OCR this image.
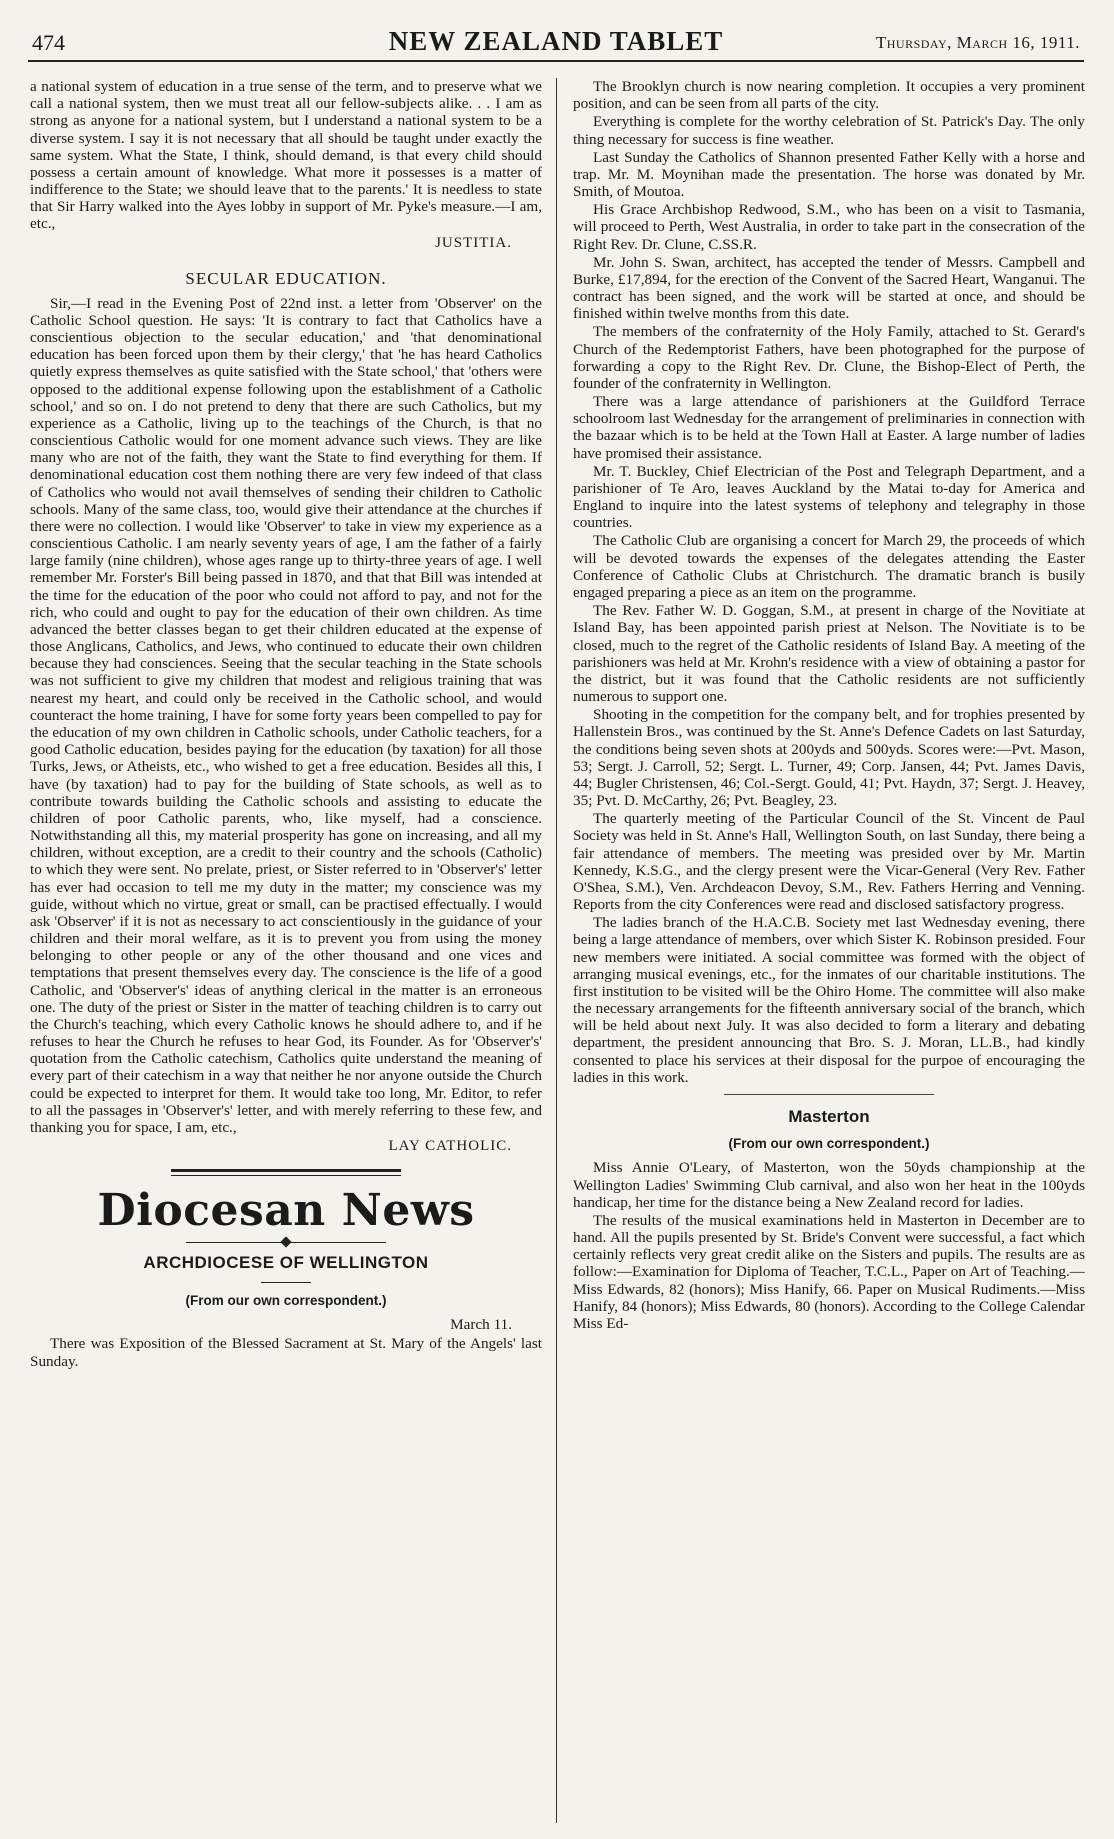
474	NEW ZEALAND TABLET	Thursday, March 16, 1911.

a national system of education in a true sense of the term, and to preserve what we call a national system, then we must treat all our fellow-subjects alike. . . I am as strong as anyone for a national system, but I understand a national system to be a diverse system. I say it is not necessary that all should be taught under exactly the same system. What the State, I think, should demand, is that every child should possess a certain amount of knowledge. What more it possesses is a matter of indifference to the State; we should leave that to the parents.' It is needless to state that Sir Harry walked into the Ayes lobby in support of Mr. Pyke's measure.—I am, etc.,

JUSTITIA.
SECULAR EDUCATION.

Sir,—I read in the Evening Post of 22nd inst. a letter from 'Observer' on the Catholic School question. He says: 'It is contrary to fact that Catholics have a conscientious objection to the secular education,' and 'that denominational education has been forced upon them by their clergy,' that 'he has heard Catholics quietly express themselves as quite satisfied with the State school,' that 'others were opposed to the additional expense following upon the establishment of a Catholic school,' and so on. I do not pretend to deny that there are such Catholics, but my experience as a Catholic, living up to the teachings of the Church, is that no conscientious Catholic would for one moment advance such views. They are like many who are not of the faith, they want the State to find everything for them. If denominational education cost them nothing there are very few indeed of that class of Catholics who would not avail themselves of sending their children to Catholic schools. Many of the same class, too, would give their attendance at the churches if there were no collection. I would like 'Observer' to take in view my experience as a conscientious Catholic. I am nearly seventy years of age, I am the father of a fairly large family (nine children), whose ages range up to thirty-three years of age. I well remember Mr. Forster's Bill being passed in 1870, and that that Bill was intended at the time for the education of the poor who could not afford to pay, and not for the rich, who could and ought to pay for the education of their own children. As time advanced the better classes began to get their children educated at the expense of those Anglicans, Catholics, and Jews, who continued to educate their own children because they had consciences. Seeing that the secular teaching in the State schools was not sufficient to give my children that modest and religious training that was nearest my heart, and could only be received in the Catholic school, and would counteract the home training, I have for some forty years been compelled to pay for the education of my own children in Catholic schools, under Catholic teachers, for a good Catholic education, besides paying for the education (by taxation) for all those Turks, Jews, or Atheists, etc., who wished to get a free education. Besides all this, I have (by taxation) had to pay for the building of State schools, as well as to contribute towards building the Catholic schools and assisting to educate the children of poor Catholic parents, who, like myself, had a conscience. Notwithstanding all this, my material prosperity has gone on increasing, and all my children, without exception, are a credit to their country and the schools (Catholic) to which they were sent. No prelate, priest, or Sister referred to in 'Observer's' letter has ever had occasion to tell me my duty in the matter; my conscience was my guide, without which no virtue, great or small, can be practised effectually. I would ask 'Observer' if it is not as necessary to act conscientiously in the guidance of your children and their moral welfare, as it is to prevent you from using the money belonging to other people or any of the other thousand and one vices and temptations that present themselves every day. The conscience is the life of a good Catholic, and 'Observer's' ideas of anything clerical in the matter is an erroneous one. The duty of the priest or Sister in the matter of teaching children is to carry out the Church's teaching, which every Catholic knows he should adhere to, and if he refuses to hear the Church he refuses to hear God, its Founder. As for 'Observer's' quotation from the Catholic catechism, Catholics quite understand the meaning of every part of their catechism in a way that neither he nor anyone outside the Church could be expected to interpret for them. It would take too long, Mr. Editor, to refer to all the passages in 'Observer's' letter, and with merely referring to these few, and thanking you for space, I am, etc.,

LAY CATHOLIC.
Diocesan News
ARCHDIOCESE OF WELLINGTON
(From our own correspondent.)
March 11.

There was Exposition of the Blessed Sacrament at St. Mary of the Angels' last Sunday.

The Brooklyn church is now nearing completion. It occupies a very prominent position, and can be seen from all parts of the city.

Everything is complete for the worthy celebration of St. Patrick's Day. The only thing necessary for success is fine weather.

Last Sunday the Catholics of Shannon presented Father Kelly with a horse and trap. Mr. M. Moynihan made the presentation. The horse was donated by Mr. Smith, of Moutoa.

His Grace Archbishop Redwood, S.M., who has been on a visit to Tasmania, will proceed to Perth, West Australia, in order to take part in the consecration of the Right Rev. Dr. Clune, C.SS.R.

Mr. John S. Swan, architect, has accepted the tender of Messrs. Campbell and Burke, £17,894, for the erection of the Convent of the Sacred Heart, Wanganui. The contract has been signed, and the work will be started at once, and should be finished within twelve months from this date.

The members of the confraternity of the Holy Family, attached to St. Gerard's Church of the Redemptorist Fathers, have been photographed for the purpose of forwarding a copy to the Right Rev. Dr. Clune, the Bishop-Elect of Perth, the founder of the confraternity in Wellington.

There was a large attendance of parishioners at the Guildford Terrace schoolroom last Wednesday for the arrangement of preliminaries in connection with the bazaar which is to be held at the Town Hall at Easter. A large number of ladies have promised their assistance.

Mr. T. Buckley, Chief Electrician of the Post and Telegraph Department, and a parishioner of Te Aro, leaves Auckland by the Matai to-day for America and England to inquire into the latest systems of telephony and telegraphy in those countries.

The Catholic Club are organising a concert for March 29, the proceeds of which will be devoted towards the expenses of the delegates attending the Easter Conference of Catholic Clubs at Christchurch. The dramatic branch is busily engaged preparing a piece as an item on the programme.

The Rev. Father W. D. Goggan, S.M., at present in charge of the Novitiate at Island Bay, has been appointed parish priest at Nelson. The Novitiate is to be closed, much to the regret of the Catholic residents of Island Bay. A meeting of the parishioners was held at Mr. Krohn's residence with a view of obtaining a pastor for the district, but it was found that the Catholic residents are not sufficiently numerous to support one.

Shooting in the competition for the company belt, and for trophies presented by Hallenstein Bros., was continued by the St. Anne's Defence Cadets on last Saturday, the conditions being seven shots at 200yds and 500yds. Scores were:—Pvt. Mason, 53; Sergt. J. Carroll, 52; Sergt. L. Turner, 49; Corp. Jansen, 44; Pvt. James Davis, 44; Bugler Christensen, 46; Col.-Sergt. Gould, 41; Pvt. Haydn, 37; Sergt. J. Heavey, 35; Pvt. D. McCarthy, 26; Pvt. Beagley, 23.

The quarterly meeting of the Particular Council of the St. Vincent de Paul Society was held in St. Anne's Hall, Wellington South, on last Sunday, there being a fair attendance of members. The meeting was presided over by Mr. Martin Kennedy, K.S.G., and the clergy present were the Vicar-General (Very Rev. Father O'Shea, S.M.), Ven. Archdeacon Devoy, S.M., Rev. Fathers Herring and Venning. Reports from the city Conferences were read and disclosed satisfactory progress.

The ladies branch of the H.A.C.B. Society met last Wednesday evening, there being a large attendance of members, over which Sister K. Robinson presided. Four new members were initiated. A social committee was formed with the object of arranging musical evenings, etc., for the inmates of our charitable institutions. The first institution to be visited will be the Ohiro Home. The committee will also make the necessary arrangements for the fifteenth anniversary social of the branch, which will be held about next July. It was also decided to form a literary and debating department, the president announcing that Bro. S. J. Moran, LL.B., had kindly consented to place his services at their disposal for the purpoe of encouraging the ladies in this work.

Masterton
(From our own correspondent.)

Miss Annie O'Leary, of Masterton, won the 50yds championship at the Wellington Ladies' Swimming Club carnival, and also won her heat in the 100yds handicap, her time for the distance being a New Zealand record for ladies.

The results of the musical examinations held in Masterton in December are to hand. All the pupils presented by St. Bride's Convent were successful, a fact which certainly reflects very great credit alike on the Sisters and pupils. The results are as follow:—Examination for Diploma of Teacher, T.C.L., Paper on Art of Teaching.—Miss Edwards, 82 (honors); Miss Hanify, 66. Paper on Musical Rudiments.—Miss Hanify, 84 (honors); Miss Edwards, 80 (honors). According to the College Calendar Miss Ed-
